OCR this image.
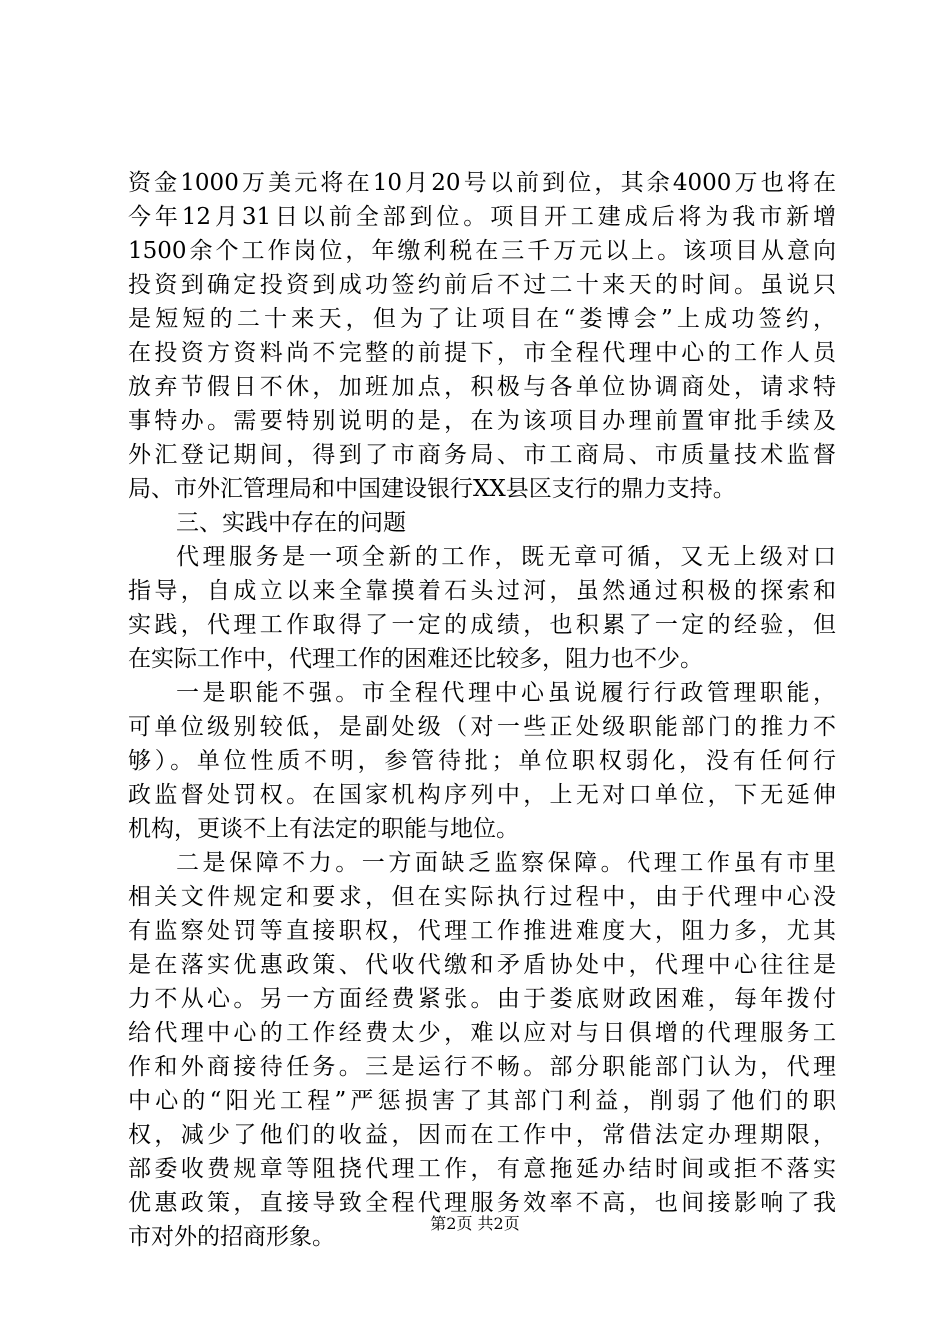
资金1000万美元将在10月20号以前到位，其余4000万也将在
今年12月31日以前全部到位。项目开工建成后将为我市新增
1500余个工作岗位，年缴利税在三千万元以上。该项目从意向
投资到确定投资到成功签约前后不过二十来天的时间。虽说只
是短短的二十来天，但为了让项目在“娄博会”上成功签约，
在投资方资料尚不完整的前提下，市全程代理中心的工作人员
放弃节假日不休，加班加点，积极与各单位协调商处，请求特
事特办。需要特别说明的是，在为该项目办理前置审批手续及
外汇登记期间，得到了市商务局、市工商局、市质量技术监督
局、市外汇管理局和中国建设银行XX县区支行的鼎力支持。
三、实践中存在的问题
代理服务是一项全新的工作，既无章可循，又无上级对口
指导，自成立以来全靠摸着石头过河，虽然通过积极的探索和
实践，代理工作取得了一定的成绩，也积累了一定的经验，但
在实际工作中，代理工作的困难还比较多，阻力也不少。
一是职能不强。市全程代理中心虽说履行行政管理职能，
可单位级别较低，是副处级（对一些正处级职能部门的推力不
够）。单位性质不明，参管待批；单位职权弱化，没有任何行
政监督处罚权。在国家机构序列中，上无对口单位，下无延伸
机构，更谈不上有法定的职能与地位。
二是保障不力。一方面缺乏监察保障。代理工作虽有市里
相关文件规定和要求，但在实际执行过程中，由于代理中心没
有监察处罚等直接职权，代理工作推进难度大，阻力多，尤其
是在落实优惠政策、代收代缴和矛盾协处中，代理中心往往是
力不从心。另一方面经费紧张。由于娄底财政困难，每年拨付
给代理中心的工作经费太少，难以应对与日俱增的代理服务工
作和外商接待任务。三是运行不畅。部分职能部门认为，代理
中心的“阳光工程”严惩损害了其部门利益，削弱了他们的职
权，减少了他们的收益，因而在工作中，常借法定办理期限，
部委收费规章等阻挠代理工作，有意拖延办结时间或拒不落实
优惠政策，直接导致全程代理服务效率不高，也间接影响了我
市对外的招商形象。
第2页 共2页
